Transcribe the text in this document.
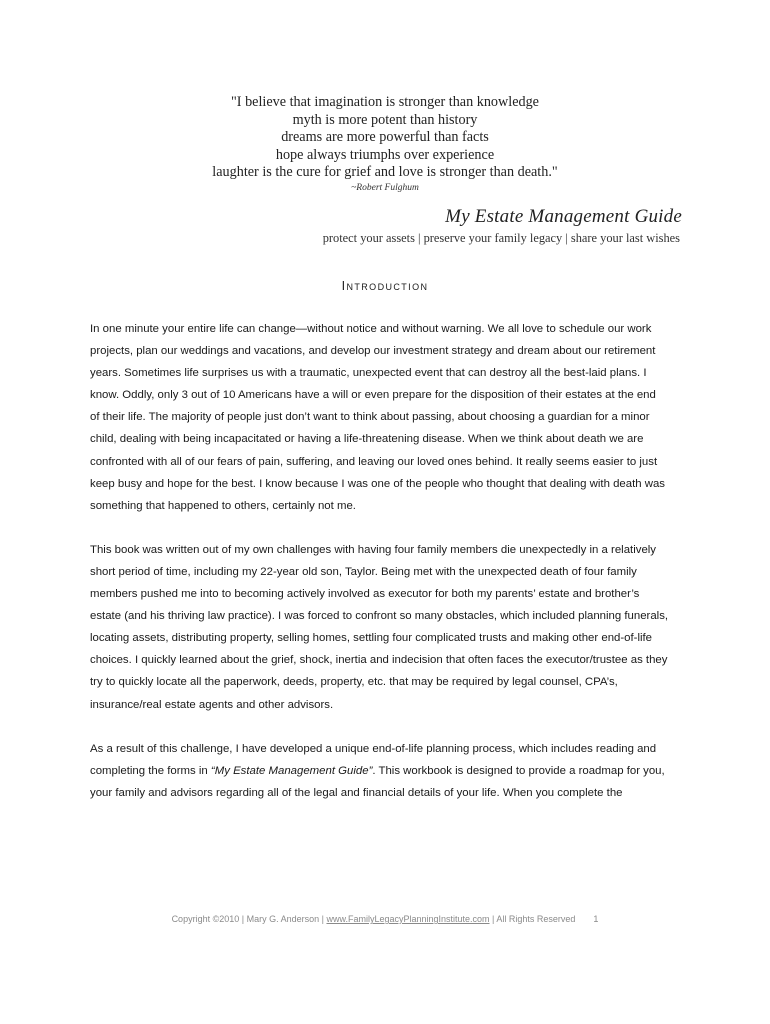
"I believe that imagination is stronger than knowledge
myth is more potent than history
dreams are more powerful than facts
hope always triumphs over experience
laughter is the cure for grief and love is stronger than death."
~Robert Fulghum
My Estate Management Guide
protect your assets | preserve your family legacy | share your last wishes
Introduction
In one minute your entire life can change—without notice and without warning. We all love to schedule our work
projects, plan our weddings and vacations, and develop our investment strategy and dream about our retirement
years. Sometimes life surprises us with a traumatic, unexpected event that can destroy all the best-laid plans. I
know. Oddly, only 3 out of 10 Americans have a will or even prepare for the disposition of their estates at the end
of their life. The majority of people just don’t want to think about passing, about choosing a guardian for a minor
child, dealing with being incapacitated or having a life-threatening disease. When we think about death we are
confronted with all of our fears of pain, suffering, and leaving our loved ones behind. It really seems easier to just
keep busy and hope for the best. I know because I was one of the people who thought that dealing with death was
something that happened to others, certainly not me.
This book was written out of my own challenges with having four family members die unexpectedly in a relatively
short period of time, including my 22-year old son, Taylor. Being met with the unexpected death of four family
members pushed me into to becoming actively involved as executor for both my parents’ estate and brother’s
estate (and his thriving law practice). I was forced to confront so many obstacles, which included planning funerals,
locating assets, distributing property, selling homes, settling four complicated trusts and making other end-of-life
choices. I quickly learned about the grief, shock, inertia and indecision that often faces the executor/trustee as they
try to quickly locate all the paperwork, deeds, property, etc. that may be required by legal counsel, CPA’s,
insurance/real estate agents and other advisors.
As a result of this challenge, I have developed a unique end-of-life planning process, which includes reading and
completing the forms in “My Estate Management Guide”. This workbook is designed to provide a roadmap for you,
your family and advisors regarding all of the legal and financial details of your life. When you complete the
Copyright ©2010 | Mary G. Anderson | www.FamilyLegacyPlanningInstitute.com | All Rights Reserved 1
